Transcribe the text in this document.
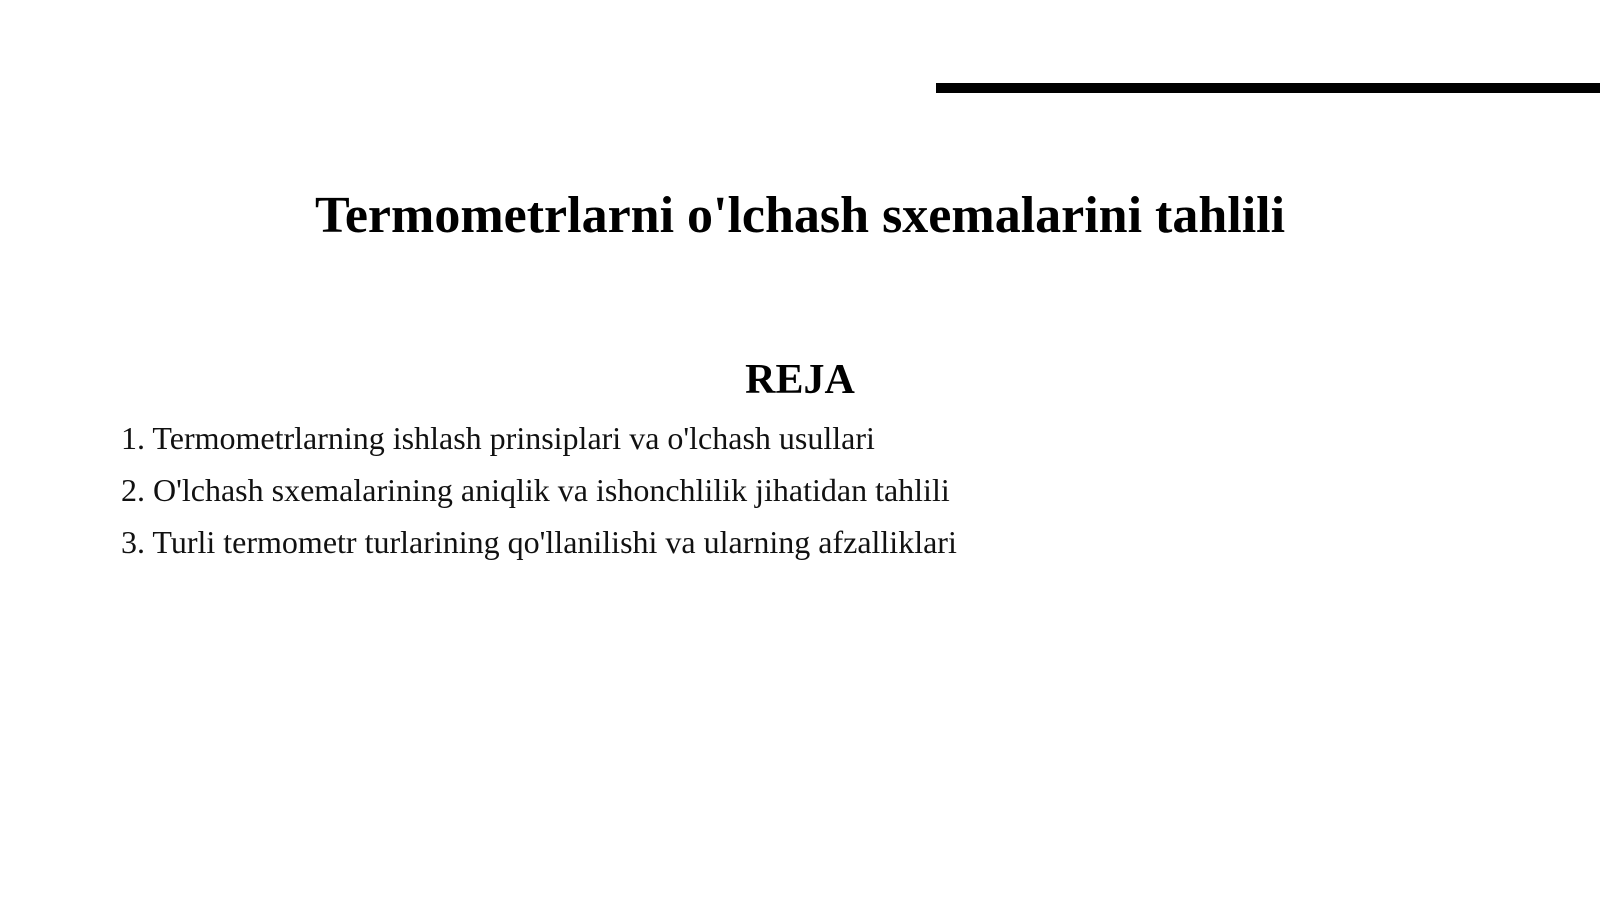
Termometrlarni o'lchash sxemalarini tahlili
REJA
1. Termometrlarning ishlash prinsiplari va o'lchash usullari
2. O'lchash sxemalarining aniqlik va ishonchlilik jihatidan tahlili
3. Turli termometr turlarining qo'llanilishi va ularning afzalliklari
